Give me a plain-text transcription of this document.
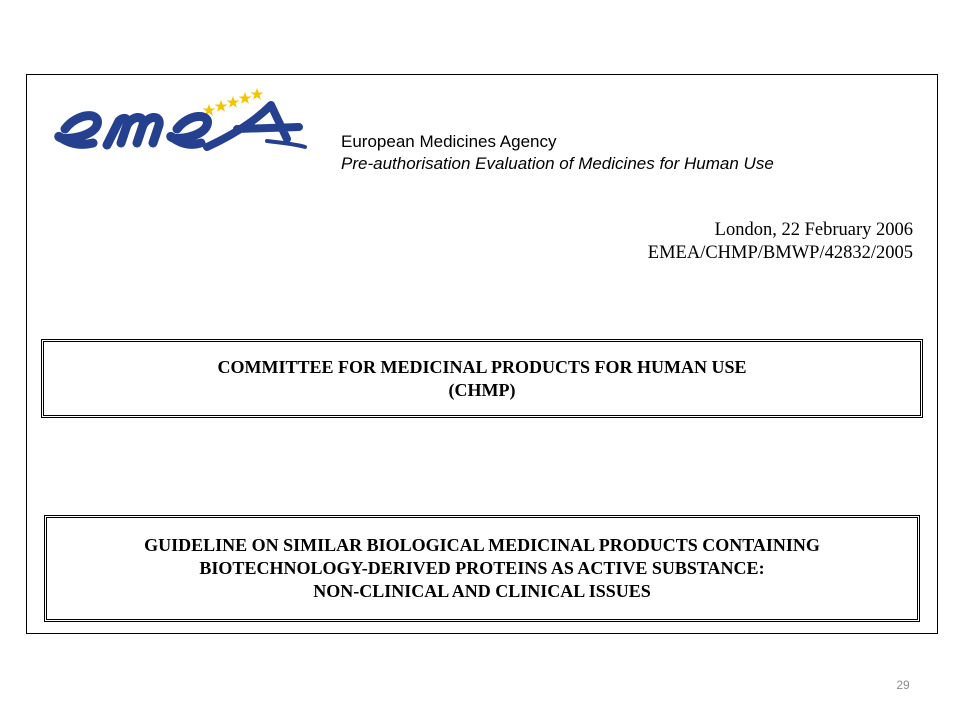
European Medicines Agency
Pre-authorisation Evaluation of Medicines for Human Use
London, 22 February 2006
EMEA/CHMP/BMWP/42832/2005
COMMITTEE FOR MEDICINAL PRODUCTS FOR HUMAN USE
(CHMP)
GUIDELINE ON SIMILAR BIOLOGICAL MEDICINAL PRODUCTS CONTAINING
BIOTECHNOLOGY-DERIVED PROTEINS AS ACTIVE SUBSTANCE:
NON-CLINICAL AND CLINICAL ISSUES
29
